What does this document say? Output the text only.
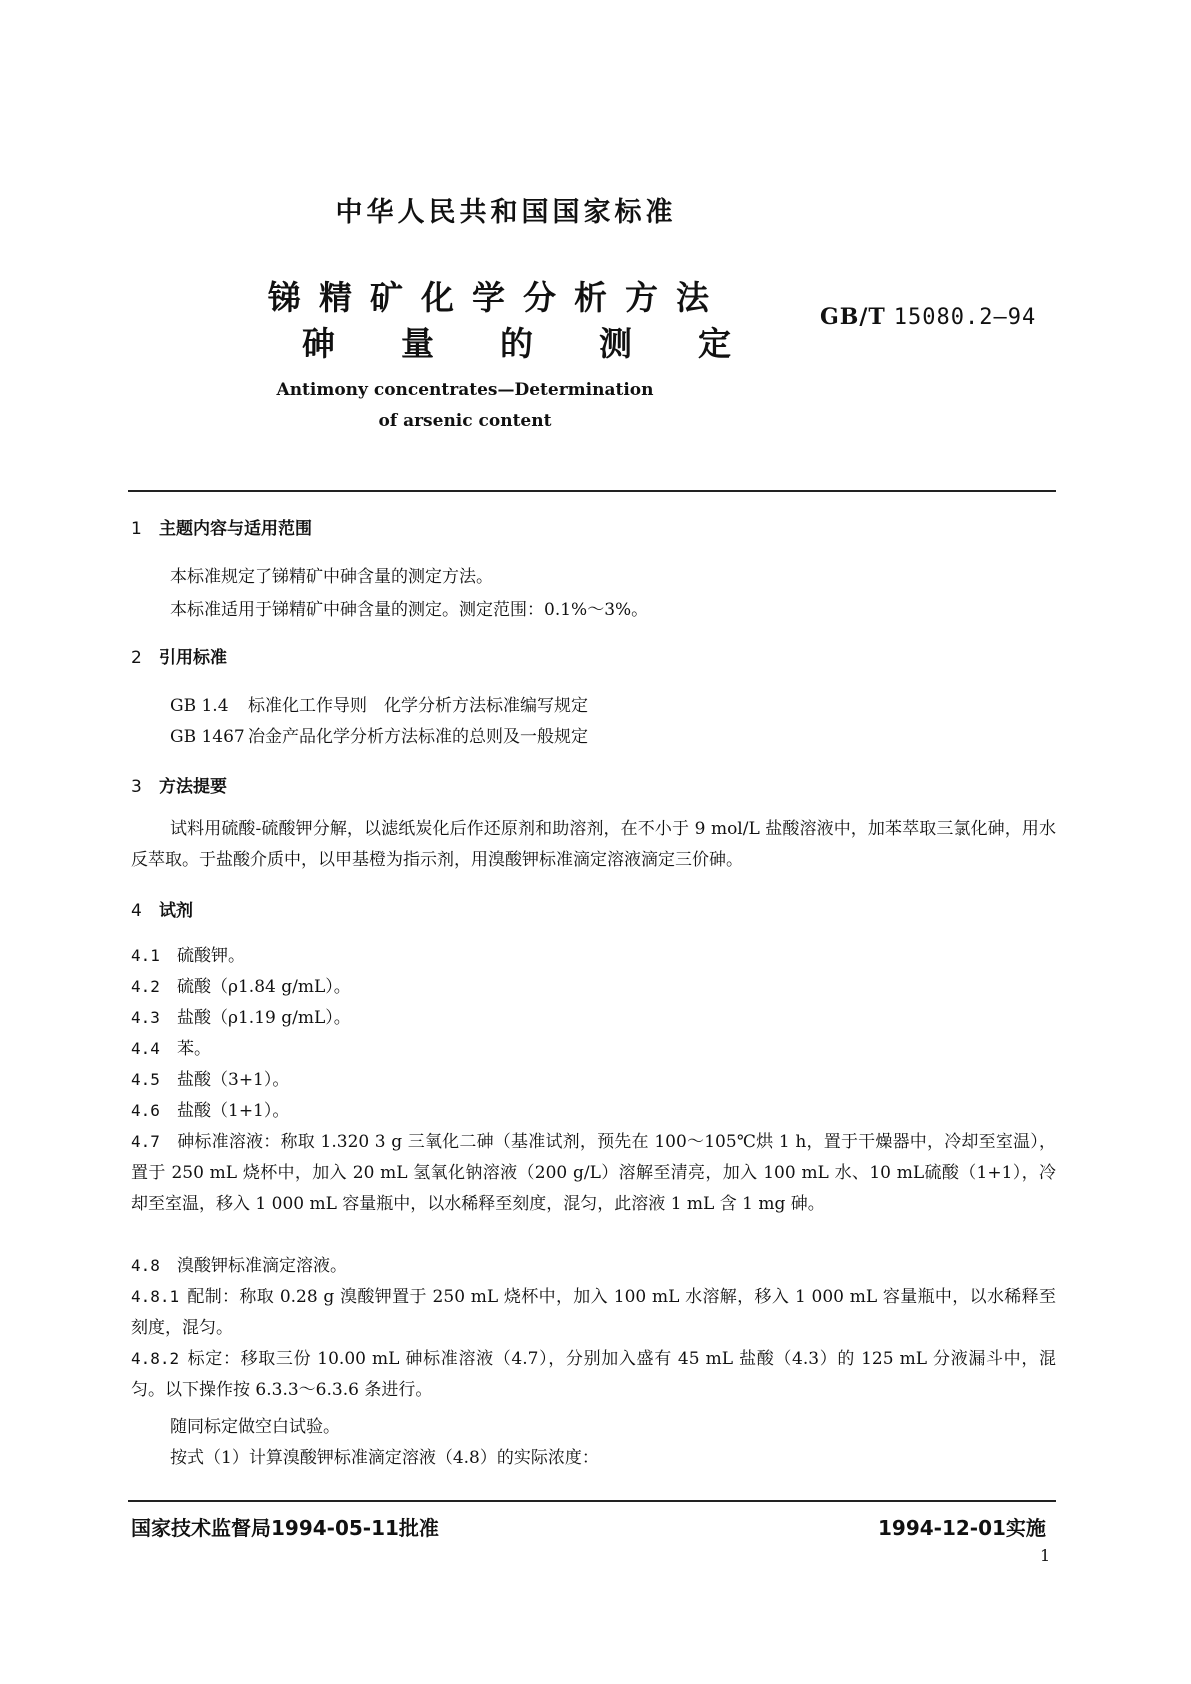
中华人民共和国国家标准
锑精矿化学分析方法
砷量的测定
GB/T 15080.2—94
Antimony concentrates—Determination
of arsenic content
1 主题内容与适用范围
本标准规定了锑精矿中砷含量的测定方法。
本标准适用于锑精矿中砷含量的测定。测定范围：0.1%～3%。
2 引用标准
GB 1.4 标准化工作导则　化学分析方法标准编写规定
GB 1467 冶金产品化学分析方法标准的总则及一般规定
3 方法提要
试料用硫酸-硫酸钾分解，以滤纸炭化后作还原剂和助溶剂，在不小于 9 mol/L 盐酸溶液中，加苯萃取三氯化砷，用水反萃取。于盐酸介质中，以甲基橙为指示剂，用溴酸钾标准滴定溶液滴定三价砷。
4 试剂
4.1 硫酸钾。
4.2 硫酸（ρ1.84 g/mL）。
4.3 盐酸（ρ1.19 g/mL）。
4.4 苯。
4.5 盐酸（3+1）。
4.6 盐酸（1+1）。
4.7 砷标准溶液：称取 1.320 3 g 三氧化二砷（基准试剂，预先在 100～105℃烘 1 h，置于干燥器中，冷却至室温），置于 250 mL 烧杯中，加入 20 mL 氢氧化钠溶液（200 g/L）溶解至清亮，加入 100 mL 水、10 mL硫酸（1+1），冷却至室温，移入 1 000 mL 容量瓶中，以水稀释至刻度，混匀，此溶液 1 mL 含 1 mg 砷。
4.8 溴酸钾标准滴定溶液。
4.8.1 配制：称取 0.28 g 溴酸钾置于 250 mL 烧杯中，加入 100 mL 水溶解，移入 1 000 mL 容量瓶中，以水稀释至刻度，混匀。
4.8.2 标定：移取三份 10.00 mL 砷标准溶液（4.7），分别加入盛有 45 mL 盐酸（4.3）的 125 mL 分液漏斗中，混匀。以下操作按 6.3.3～6.3.6 条进行。
随同标定做空白试验。
按式（1）计算溴酸钾标准滴定溶液（4.8）的实际浓度：
国家技术监督局1994-05-11批准	1994-12-01实施
1
